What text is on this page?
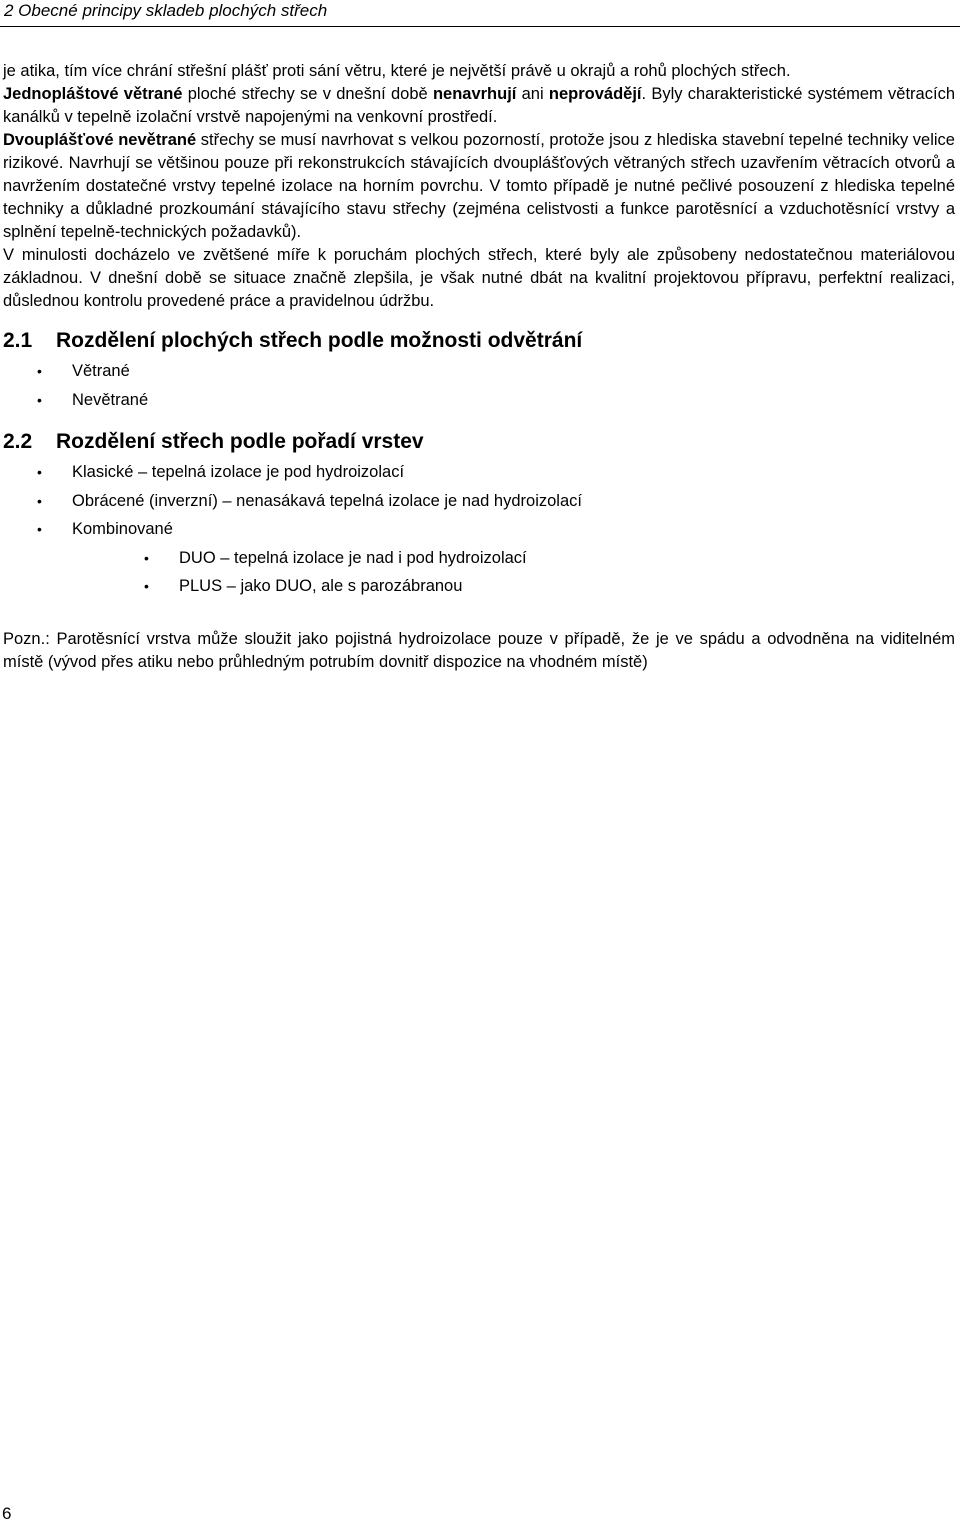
2 Obecné principy skladeb plochých střech

je atika, tím více chrání střešní plášť proti sání větru, které je největší právě u okrajů a rohů plochých střech.

Jednopláštové větrané ploché střechy se v dnešní době nenavrhují ani neprovádějí. Byly charakteristické systémem větracích kanálků v tepelně izolační vrstvě napojenými na venkovní prostředí.

Dvouplášťové nevětrané střechy se musí navrhovat s velkou pozorností, protože jsou z hlediska stavební tepelné techniky velice rizikové. Navrhují se většinou pouze při rekonstrukcích stávajících dvouplášťových větraných střech uzavřením větracích otvorů a navržením dostatečné vrstvy tepelné izolace na horním povrchu. V tomto případě je nutné pečlivé posouzení z hlediska tepelné techniky a důkladné prozkoumání stávajícího stavu střechy (zejména celistvosti a funkce parotěsnící a vzduchotěsnící vrstvy a splnění tepelně-technických požadavků).

V minulosti docházelo ve zvětšené míře k poruchám plochých střech, které byly ale způsobeny nedostatečnou materiálovou základnou. V dnešní době se situace značně zlepšila, je však nutné dbát na kvalitní projektovou přípravu, perfektní realizaci, důslednou kontrolu provedené práce a pravidelnou údržbu.

2.1 Rozdělení plochých střech podle možnosti odvětrání
• Větrané
• Nevětrané
2.2 Rozdělení střech podle pořadí vrstev
• Klasické – tepelná izolace je pod hydroizolací
• Obrácené (inverzní) – nenasákavá tepelná izolace je nad hydroizolací
• Kombinované
• DUO – tepelná izolace je nad i pod hydroizolací
• PLUS – jako DUO, ale s parozábranou

Pozn.: Parotěsnící vrstva může sloužit jako pojistná hydroizolace pouze v případě, že je ve spádu a odvodněna na viditelném místě (vývod přes atiku nebo průhledným potrubím dovnitř dispozice na vhodném místě)

6
